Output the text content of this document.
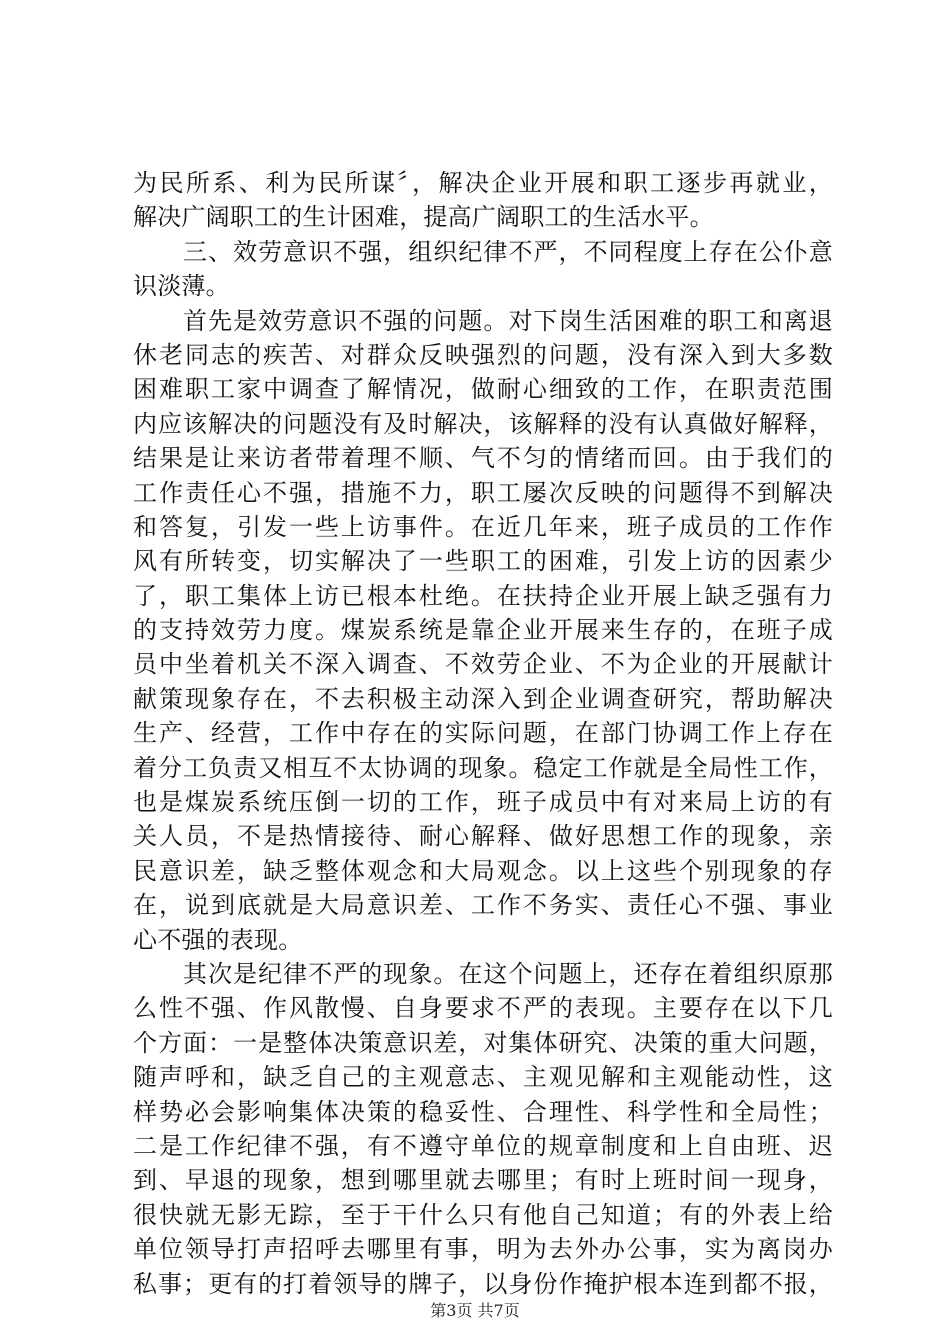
为民所系、利为民所谋〞，解决企业开展和职工逐步再就业，
解决广阔职工的生计困难，提高广阔职工的生活水平。
　　三、效劳意识不强，组织纪律不严，不同程度上存在公仆意
识淡薄。
　　首先是效劳意识不强的问题。对下岗生活困难的职工和离退
休老同志的疾苦、对群众反映强烈的问题，没有深入到大多数
困难职工家中调查了解情况，做耐心细致的工作，在职责范围
内应该解决的问题没有及时解决，该解释的没有认真做好解释，
结果是让来访者带着理不顺、气不匀的情绪而回。由于我们的
工作责任心不强，措施不力，职工屡次反映的问题得不到解决
和答复，引发一些上访事件。在近几年来，班子成员的工作作
风有所转变，切实解决了一些职工的困难，引发上访的因素少
了，职工集体上访已根本杜绝。在扶持企业开展上缺乏强有力
的支持效劳力度。煤炭系统是靠企业开展来生存的，在班子成
员中坐着机关不深入调查、不效劳企业、不为企业的开展献计
献策现象存在，不去积极主动深入到企业调查研究，帮助解决
生产、经营，工作中存在的实际问题，在部门协调工作上存在
着分工负责又相互不太协调的现象。稳定工作就是全局性工作，
也是煤炭系统压倒一切的工作，班子成员中有对来局上访的有
关人员，不是热情接待、耐心解释、做好思想工作的现象，亲
民意识差，缺乏整体观念和大局观念。以上这些个别现象的存
在，说到底就是大局意识差、工作不务实、责任心不强、事业
心不强的表现。
　　其次是纪律不严的现象。在这个问题上，还存在着组织原那
么性不强、作风散慢、自身要求不严的表现。主要存在以下几
个方面：一是整体决策意识差，对集体研究、决策的重大问题，
随声呼和，缺乏自己的主观意志、主观见解和主观能动性，这
样势必会影响集体决策的稳妥性、合理性、科学性和全局性；
二是工作纪律不强，有不遵守单位的规章制度和上自由班、迟
到、早退的现象，想到哪里就去哪里；有时上班时间一现身，
很快就无影无踪，至于干什么只有他自己知道；有的外表上给
单位领导打声招呼去哪里有事，明为去外办公事，实为离岗办
私事；更有的打着领导的牌子，以身份作掩护根本连到都不报，
第3页 共7页
